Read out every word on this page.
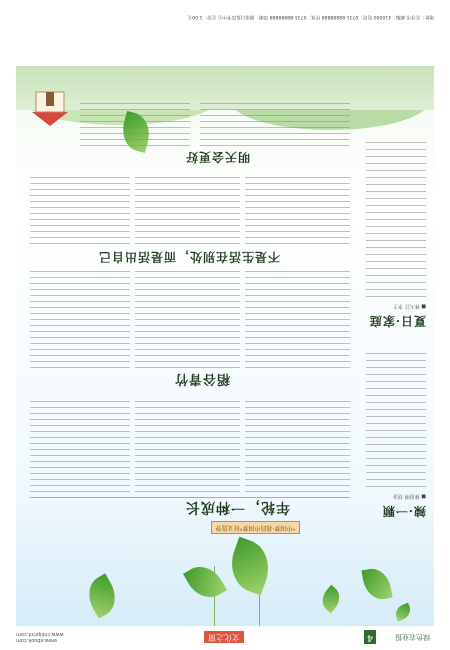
4	绿色农业报
文化之窗
www.ebook.com
www.cnkiprint.com
"中国梦·我的中国梦"征文选登
年轮，一种成长
稻谷青竹
不是生活在别处，而是活出自己
明天会更好
辣·一颗
■ 林伯明 刘金
夏日·家庭
■ 林大江 李王
地址：长沙市 邮编：410000 电话：0731-88888888 传真：0731-88888888 印刷：湖南日报印务中心 定价：1.00元
